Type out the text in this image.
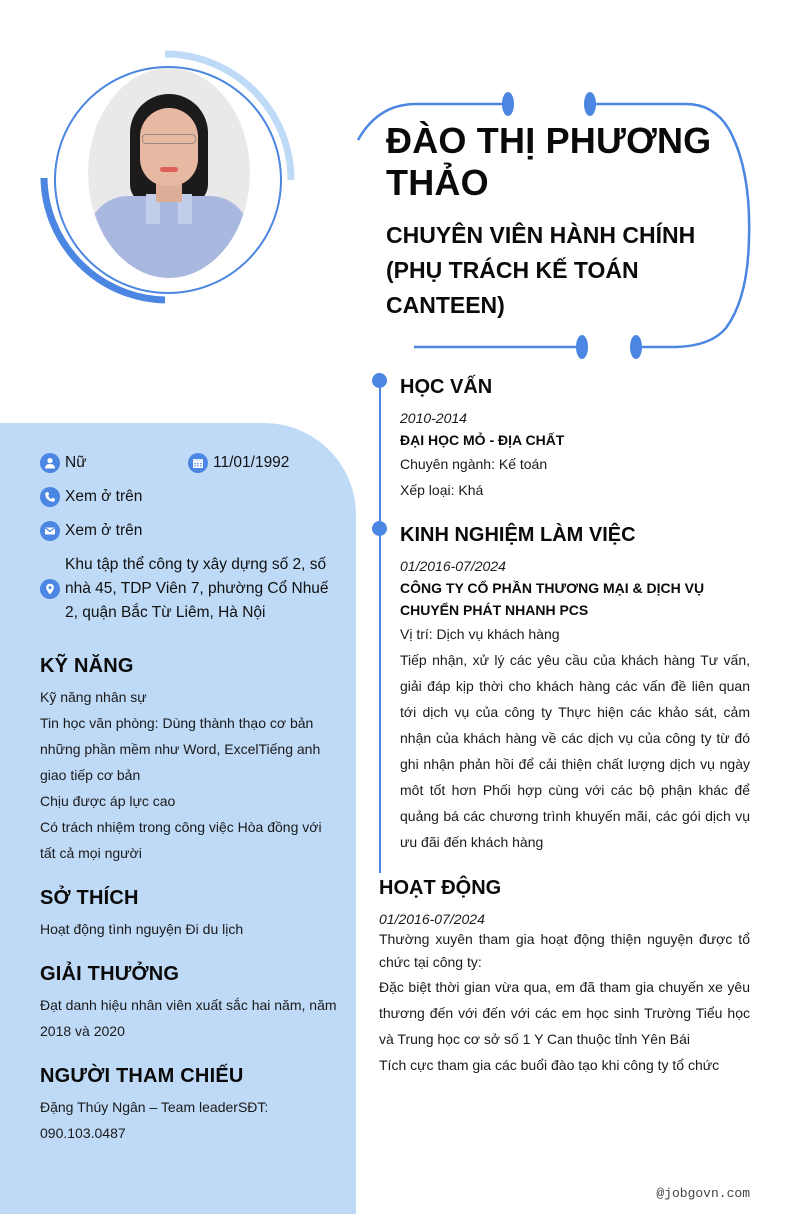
ĐÀO THỊ PHƯƠNG THẢO
CHUYÊN VIÊN HÀNH CHÍNH (PHỤ TRÁCH KẾ TOÁN CANTEEN)
Nữ	11/01/1992
Xem ở trên
Xem ở trên
Khu tập thể công ty xây dựng số 2, số nhà 45, TDP Viên 7, phường Cổ Nhuế 2, quận Bắc Từ Liêm, Hà Nội
KỸ NĂNG
Kỹ năng nhân sự
Tin học văn phòng: Dùng thành thạo cơ bản những phần mềm như Word, ExcelTiếng anh giao tiếp cơ bản
Chịu được áp lực cao
Có trách nhiệm trong công việc Hòa đồng với tất cả mọi người
SỞ THÍCH
Hoạt động tình nguyện Đi du lịch
GIẢI THƯỞNG
Đạt danh hiệu nhân viên xuất sắc hai năm, năm 2018 và 2020
NGƯỜI THAM CHIẾU
Đặng Thúy Ngân – Team leaderSĐT: 090.103.0487
HỌC VẤN
2010-2014
ĐẠI HỌC MỎ - ĐỊA CHẤT
Chuyên ngành: Kế toán
Xếp loại: Khá
KINH NGHIỆM LÀM VIỆC
01/2016-07/2024
CÔNG TY CỔ PHẦN THƯƠNG MẠI & DỊCH VỤ CHUYỂN PHÁT NHANH PCS
Vị trí: Dịch vụ khách hàng
Tiếp nhận, xử lý các yêu cầu của khách hàng Tư vấn, giải đáp kịp thời cho khách hàng các vấn đề liên quan tới dịch vụ của công ty Thực hiện các khảo sát, cảm nhận của khách hàng về các dịch vụ của công ty từ đó ghi nhận phản hồi để cải thiện chất lượng dịch vụ ngày môt tốt hơn Phối hợp cùng với các bộ phận khác để quảng bá các chương trình khuyến mãi, các gói dịch vụ ưu đãi đến khách hàng
HOẠT ĐỘNG
01/2016-07/2024
Thường xuyên tham gia hoạt động thiện nguyện được tổ chức tại công ty:
Đặc biệt thời gian vừa qua, em đã tham gia chuyến xe yêu thương đến với đến với các em học sinh Trường Tiểu học và Trung học cơ sở số 1 Y Can thuộc tỉnh Yên Bái
Tích cực tham gia các buổi đào tạo khi công ty tổ chức
@jobgovn.com
